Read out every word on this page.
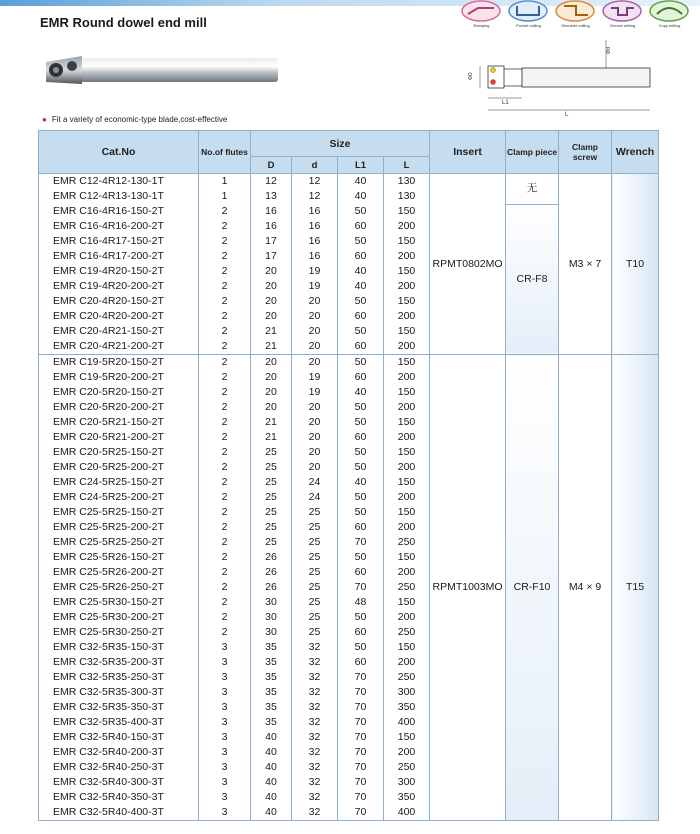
EMR Round dowel end mill	Ramping	Pocket milling	Shoulder milling	Groove milling	Copy milling
ΦD
Φd
L1
L
● Fit a variety of economic-type blade,cost-effective
Cat.No	No.of flutes	Size				Insert	Clamp piece	Clamp screw	Wrench
		D	d	L1	L				
EMR C12-4R12-130-1T	1	12	12	40	130	RPMT0802MO	无	M3 × 7	T10
EMR C12-4R13-130-1T	1	13	12	40	130				
EMR C16-4R16-150-2T	2	16	16	50	150		CR-F8		
EMR C16-4R16-200-2T	2	16	16	60	200				
EMR C16-4R17-150-2T	2	17	16	50	150				
EMR C16-4R17-200-2T	2	17	16	60	200				
EMR C19-4R20-150-2T	2	20	19	40	150				
EMR C19-4R20-200-2T	2	20	19	40	200				
EMR C20-4R20-150-2T	2	20	20	50	150				
EMR C20-4R20-200-2T	2	20	20	60	200				
EMR C20-4R21-150-2T	2	21	20	50	150				
EMR C20-4R21-200-2T	2	21	20	60	200				
EMR C19-5R20-150-2T	2	20	20	50	150	RPMT1003MO	CR-F10	M4 × 9	T15
EMR C19-5R20-200-2T	2	20	19	60	200				
EMR C20-5R20-150-2T	2	20	19	40	150				
EMR C20-5R20-200-2T	2	20	20	50	200				
EMR C20-5R21-150-2T	2	21	20	50	150				
EMR C20-5R21-200-2T	2	21	20	60	200				
EMR C20-5R25-150-2T	2	25	20	50	150				
EMR C20-5R25-200-2T	2	25	20	50	200				
EMR C24-5R25-150-2T	2	25	24	40	150				
EMR C24-5R25-200-2T	2	25	24	50	200				
EMR C25-5R25-150-2T	2	25	25	50	150				
EMR C25-5R25-200-2T	2	25	25	60	200				
EMR C25-5R25-250-2T	2	25	25	70	250				
EMR C25-5R26-150-2T	2	26	25	50	150				
EMR C25-5R26-200-2T	2	26	25	60	200				
EMR C25-5R26-250-2T	2	26	25	70	250				
EMR C25-5R30-150-2T	2	30	25	48	150				
EMR C25-5R30-200-2T	2	30	25	50	200				
EMR C25-5R30-250-2T	2	30	25	60	250				
EMR C32-5R35-150-3T	3	35	32	50	150				
EMR C32-5R35-200-3T	3	35	32	60	200				
EMR C32-5R35-250-3T	3	35	32	70	250				
EMR C32-5R35-300-3T	3	35	32	70	300				
EMR C32-5R35-350-3T	3	35	32	70	350				
EMR C32-5R35-400-3T	3	35	32	70	400				
EMR C32-5R40-150-3T	3	40	32	70	150				
EMR C32-5R40-200-3T	3	40	32	70	200				
EMR C32-5R40-250-3T	3	40	32	70	250				
EMR C32-5R40-300-3T	3	40	32	70	300				
EMR C32-5R40-350-3T	3	40	32	70	350				
EMR C32-5R40-400-3T	3	40	32	70	400				
